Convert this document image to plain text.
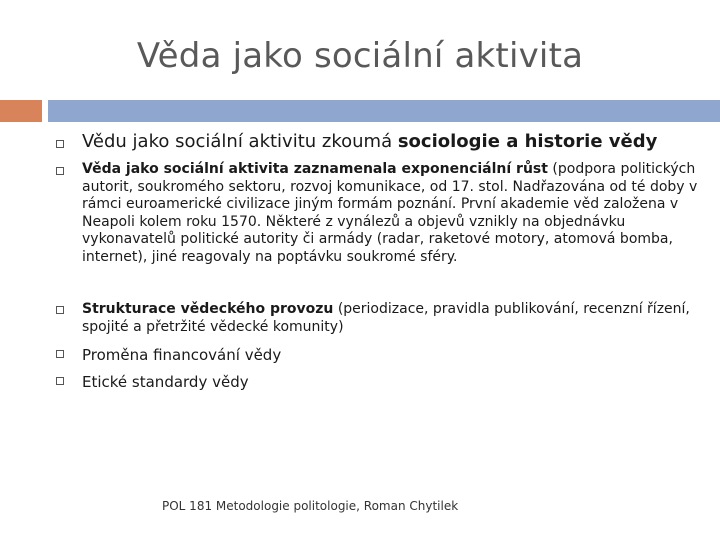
Věda jako sociální aktivita
Vědu jako sociální aktivitu zkoumá sociologie a historie vědy
Věda jako sociální aktivita zaznamenala exponenciální růst (podpora politických autorit, soukromého sektoru, rozvoj komunikace, od 17. stol. Nadřazována od té doby v rámci euroamerické civilizace jiným formám poznání. První akademie věd založena v Neapoli kolem roku 1570. Některé z vynálezů a objevů vznikly na objednávku vykonavatelů politické autority či armády (radar, raketové motory, atomová bomba, internet), jiné reagovaly na poptávku soukromé sféry.
Strukturace vědeckého provozu (periodizace, pravidla publikování, recenzní řízení, spojité a přetržité vědecké komunity)
Proměna financování vědy
Etické standardy vědy
POL 181 Metodologie politologie, Roman Chytilek
